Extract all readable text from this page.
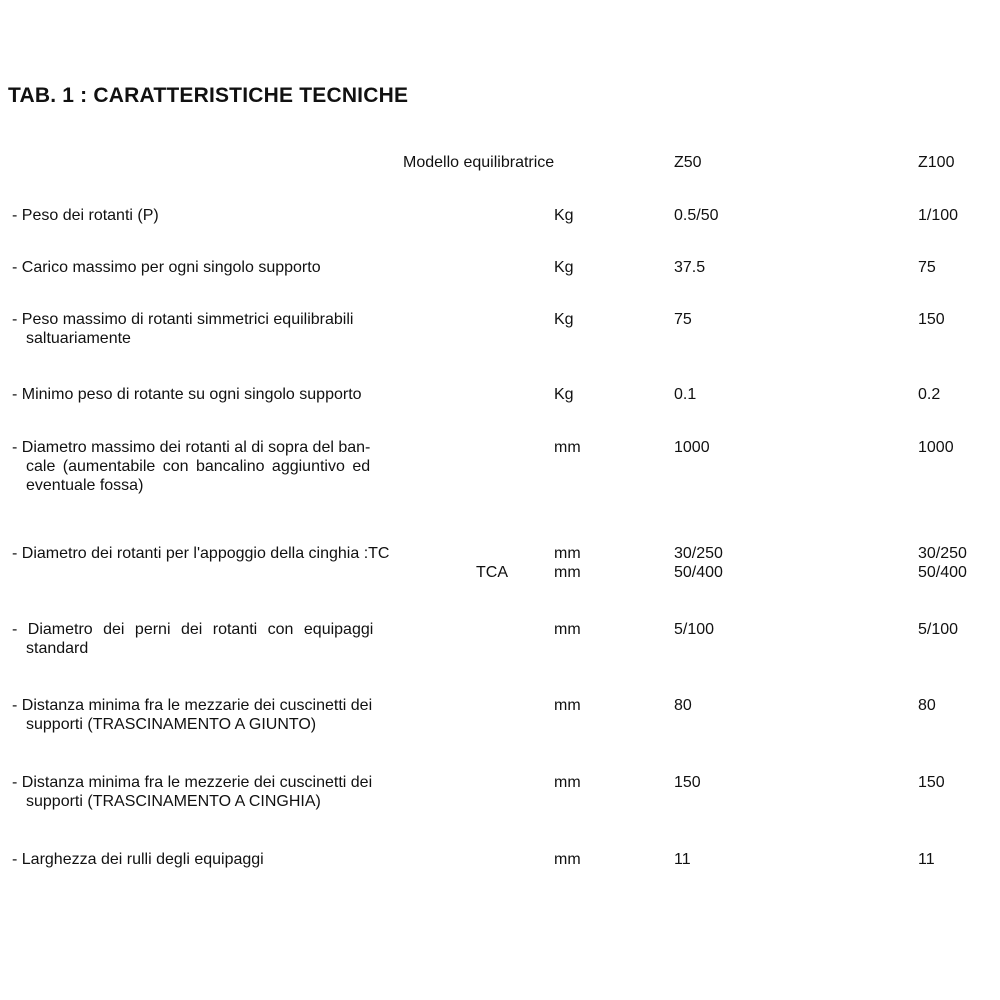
TAB. 1 : CARATTERISTICHE TECNICHE
Modello equilibratrice	Z50	Z100
- Peso dei rotanti (P)	Kg	0.5/50	1/100
- Carico massimo per ogni singolo supporto	Kg	37.5	75
- Peso massimo di rotanti simmetrici equilibrabili
saltuariamente
Kg	75	150
- Minimo peso di rotante su ogni singolo supporto	Kg	0.1	0.2
- Diametro massimo dei rotanti al di sopra del ban-
cale (aumentabile con bancalino aggiuntivo ed
eventuale fossa)
mm	1000	1000
- Diametro dei rotanti per l'appoggio della cinghia :TC	mm	30/250	30/250
TCA	mm	50/400	50/400
- Diametro dei perni dei rotanti con equipaggi
standard
mm	5/100	5/100
- Distanza minima fra le mezzarie dei cuscinetti dei
supporti (TRASCINAMENTO A GIUNTO)
mm	80	80
- Distanza minima fra le mezzerie dei cuscinetti dei
supporti (TRASCINAMENTO A CINGHIA)
mm	150	150
- Larghezza dei rulli degli equipaggi	mm	11	11
